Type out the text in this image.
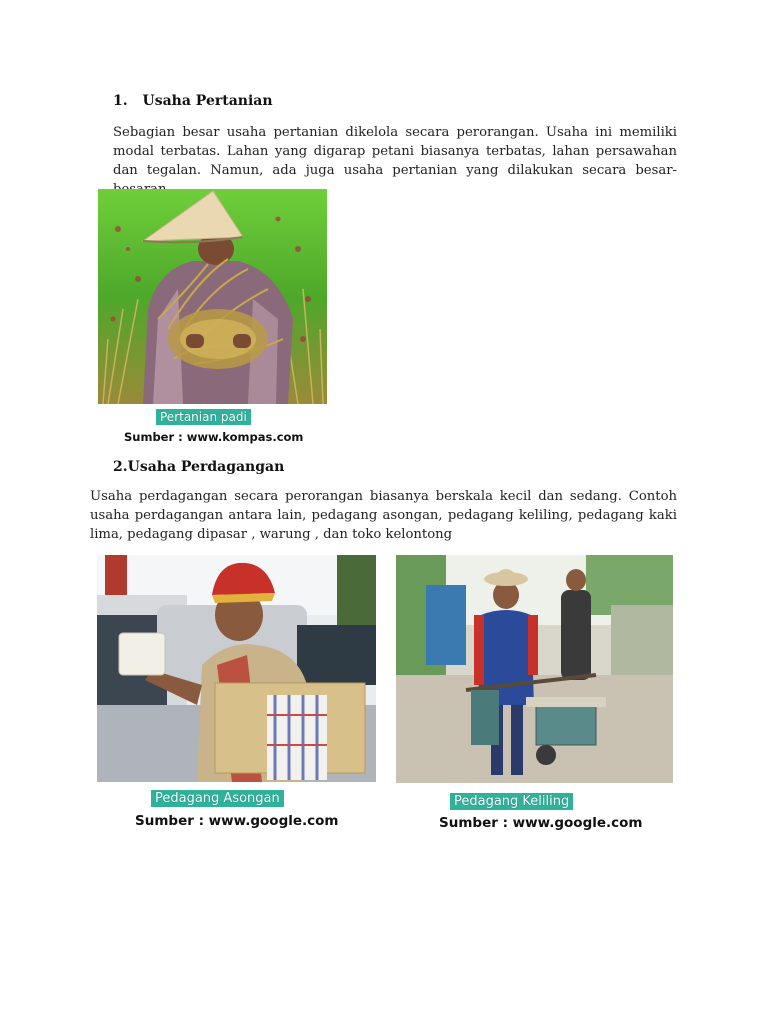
1. Usaha Pertanian
Sebagian besar usaha pertanian dikelola secara perorangan. Usaha ini memiliki modal terbatas. Lahan yang digarap petani biasanya terbatas, lahan persawahan dan tegalan. Namun, ada juga usaha pertanian yang dilakukan secara besar-
Pertanian padi
Sumber : www.kompas.com
2.Usaha Perdagangan
Usaha perdagangan secara perorangan biasanya berskala kecil dan sedang. Contoh usaha perdagangan antara lain, pedagang asongan, pedagang keliling, pedagang kaki lima, pedagang dipasar , warung , dan toko kelontong
Pedagang Asongan
Sumber : www.google.com
Pedagang Keliling
Sumber : www.google.com
